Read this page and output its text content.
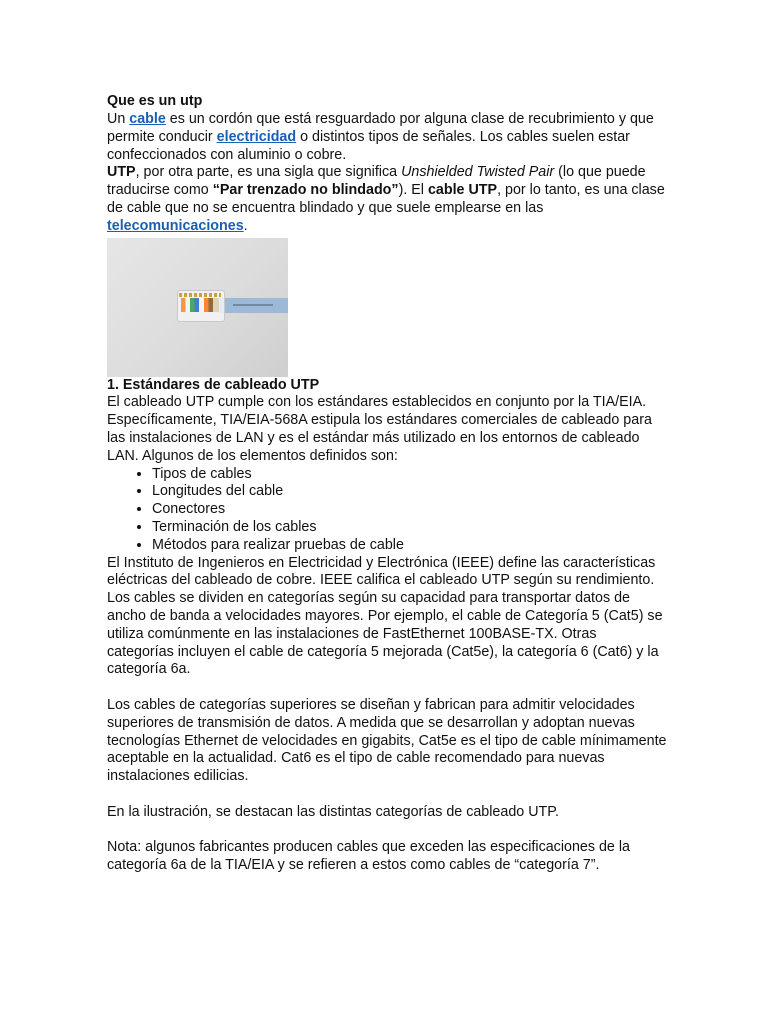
Que es un utp

Un cable es un cordón que está resguardado por alguna clase de recubrimiento y que permite conducir electricidad o distintos tipos de señales. Los cables suelen estar confeccionados con aluminio o cobre.

UTP, por otra parte, es una sigla que significa Unshielded Twisted Pair (lo que puede traducirse como “Par trenzado no blindado”). El cable UTP, por lo tanto, es una clase de cable que no se encuentra blindado y que suele emplearse en las telecomunicaciones.

1. Estándares de cableado UTP

El cableado UTP cumple con los estándares establecidos en conjunto por la TIA/EIA. Específicamente, TIA/EIA-568A estipula los estándares comerciales de cableado para las instalaciones de LAN y es el estándar más utilizado en los entornos de cableado LAN. Algunos de los elementos definidos son:

• Tipos de cables
• Longitudes del cable
• Conectores
• Terminación de los cables
• Métodos para realizar pruebas de cable

El Instituto de Ingenieros en Electricidad y Electrónica (IEEE) define las características eléctricas del cableado de cobre. IEEE califica el cableado UTP según su rendimiento. Los cables se dividen en categorías según su capacidad para transportar datos de ancho de banda a velocidades mayores. Por ejemplo, el cable de Categoría 5 (Cat5) se utiliza comúnmente en las instalaciones de FastEthernet 100BASE-TX. Otras categorías incluyen el cable de categoría 5 mejorada (Cat5e), la categoría 6 (Cat6) y la categoría 6a.

Los cables de categorías superiores se diseñan y fabrican para admitir velocidades superiores de transmisión de datos. A medida que se desarrollan y adoptan nuevas tecnologías Ethernet de velocidades en gigabits, Cat5e es el tipo de cable mínimamente aceptable en la actualidad. Cat6 es el tipo de cable recomendado para nuevas instalaciones edilicias.

En la ilustración, se destacan las distintas categorías de cableado UTP.

Nota: algunos fabricantes producen cables que exceden las especificaciones de la categoría 6a de la TIA/EIA y se refieren a estos como cables de “categoría 7”.
